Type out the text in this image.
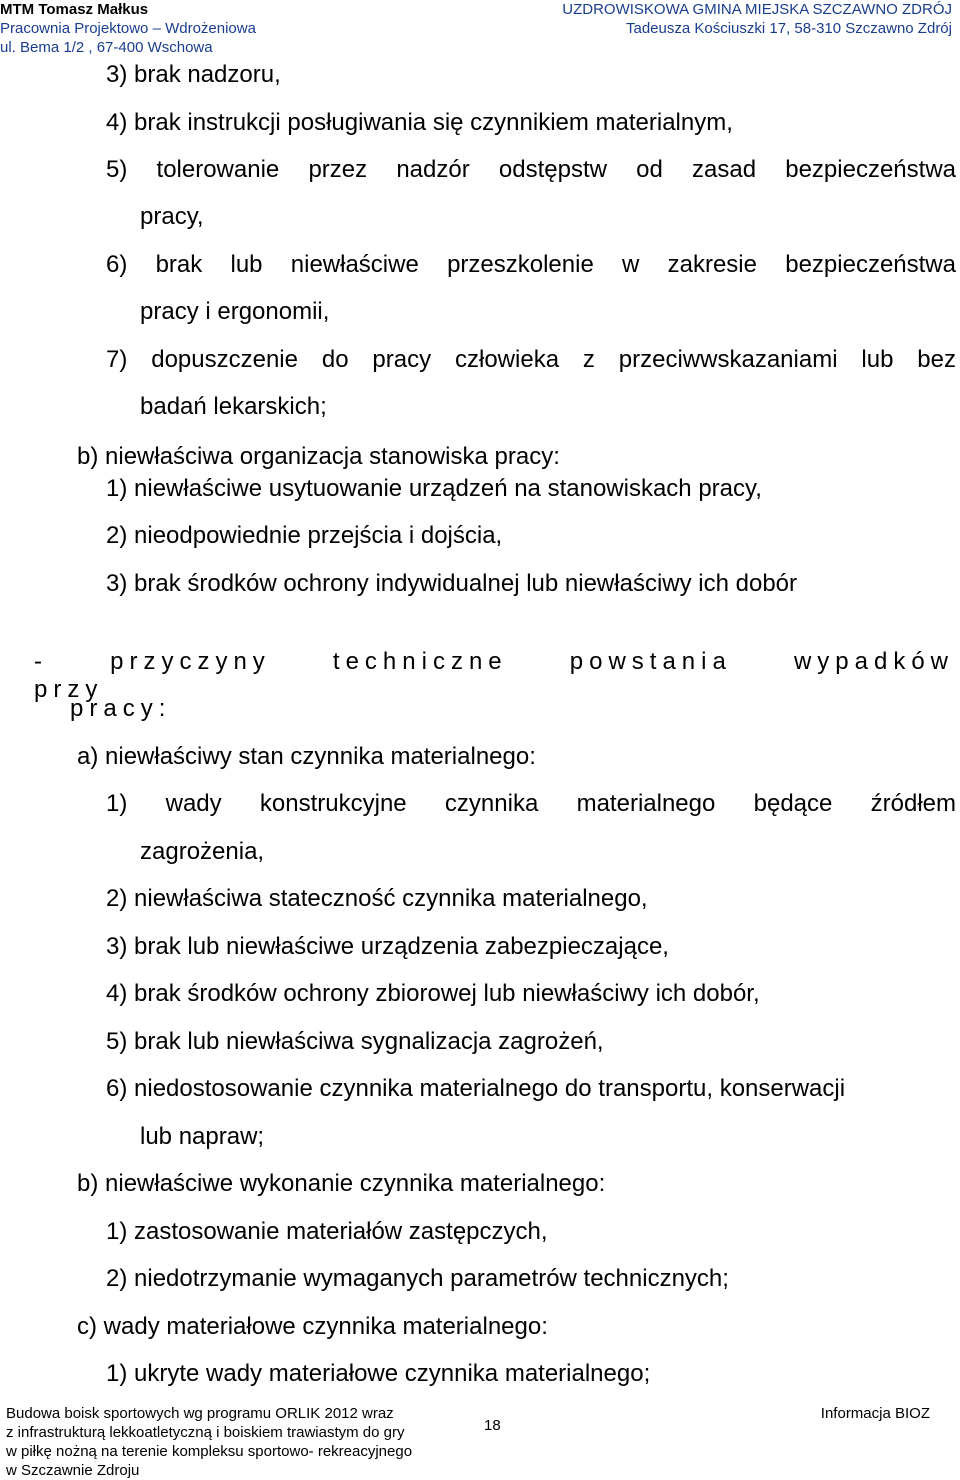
MTM Tomasz Małkus
Pracownia Projektowo – Wdrożeniowa
ul. Bema 1/2 , 67-400 Wschowa
UZDROWISKOWA GMINA MIEJSKA SZCZAWNO ZDRÓJ
Tadeusza Kościuszki 17, 58-310 Szczawno Zdrój
3) brak nadzoru,
4) brak instrukcji posługiwania się czynnikiem materialnym,
5) tolerowanie przez nadzór odstępstw od zasad bezpieczeństwa
pracy,
6) brak lub niewłaściwe przeszkolenie w zakresie bezpieczeństwa
pracy i ergonomii,
7) dopuszczenie do pracy człowieka z przeciwwskazaniami lub bez
badań lekarskich;
b) niewłaściwa organizacja stanowiska pracy:
1) niewłaściwe usytuowanie urządzeń na stanowiskach pracy,
2) nieodpowiednie przejścia i dojścia,
3) brak środków ochrony indywidualnej lub niewłaściwy ich dobór
- przyczyny techniczne powstania wypadków przy
pracy:
a) niewłaściwy stan czynnika materialnego:
1) wady konstrukcyjne czynnika materialnego będące źródłem
zagrożenia,
2) niewłaściwa stateczność czynnika materialnego,
3) brak lub niewłaściwe urządzenia zabezpieczające,
4) brak środków ochrony zbiorowej lub niewłaściwy ich dobór,
5) brak lub niewłaściwa sygnalizacja zagrożeń,
6) niedostosowanie czynnika materialnego do transportu, konserwacji
lub napraw;
b) niewłaściwe wykonanie czynnika materialnego:
1) zastosowanie materiałów zastępczych,
2) niedotrzymanie wymaganych parametrów technicznych;
c) wady materiałowe czynnika materialnego:
1) ukryte wady materiałowe czynnika materialnego;
Budowa boisk sportowych wg programu ORLIK 2012 wraz
z infrastrukturą lekkoatletyczną i boiskiem trawiastym do gry
w piłkę nożną na terenie kompleksu sportowo- rekreacyjnego
w Szczawnie Zdroju
18
Informacja BIOZ
